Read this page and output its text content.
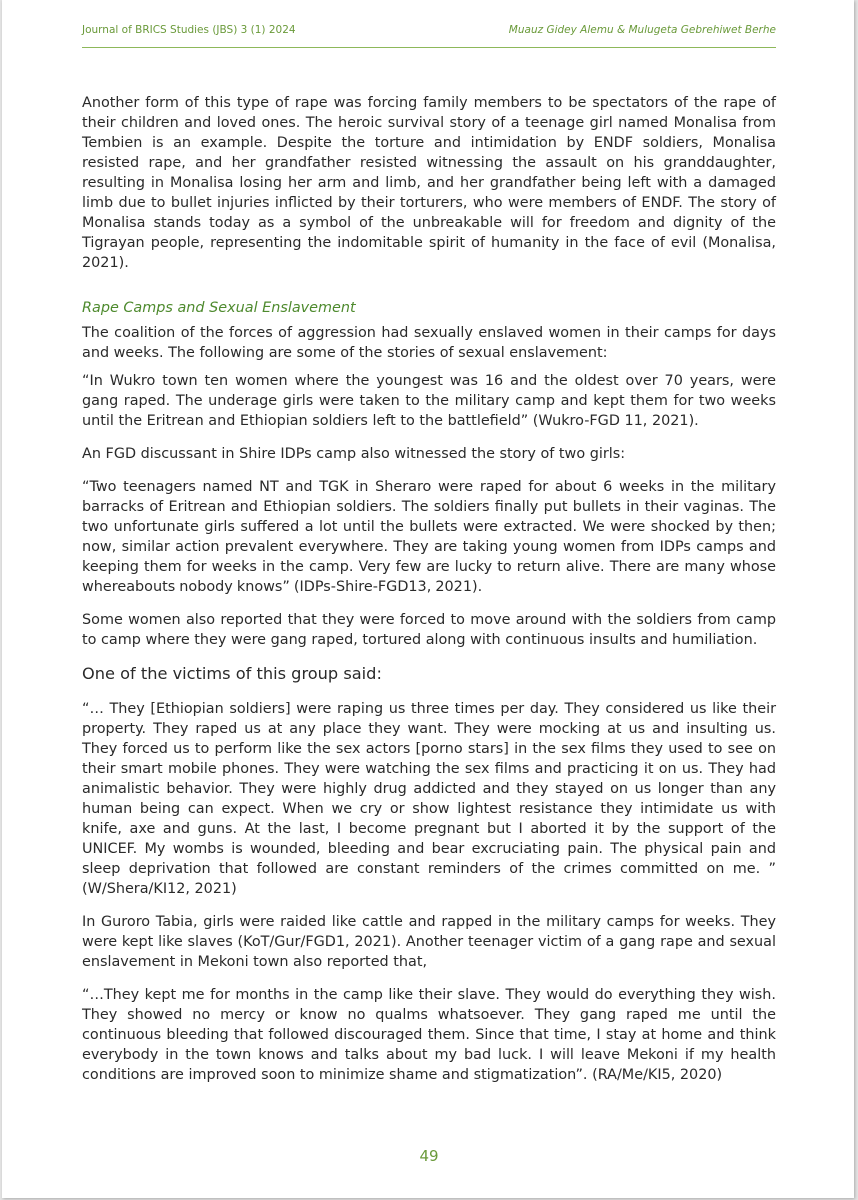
Journal of BRICS Studies (JBS) 3 (1) 2024	Muauz Gidey Alemu & Mulugeta Gebrehiwet Berhe

Another form of this type of rape was forcing family members to be spectators of the rape of their children and loved ones. The heroic survival story of a teenage girl named Monalisa from Tembien is an example. Despite the torture and intimidation by ENDF soldiers, Monalisa resisted rape, and her grandfather resisted witnessing the assault on his granddaughter, resulting in Monalisa losing her arm and limb, and her grandfather being left with a damaged limb due to bullet injuries inflicted by their torturers, who were members of ENDF. The story of Monalisa stands today as a symbol of the unbreakable will for freedom and dignity of the Tigrayan people, representing the indomitable spirit of humanity in the face of evil (Monalisa, 2021).

Rape Camps and Sexual Enslavement

The coalition of the forces of aggression had sexually enslaved women in their camps for days and weeks. The following are some of the stories of sexual enslavement:

“In Wukro town ten women where the youngest was 16 and the oldest over 70 years, were gang raped. The underage girls were taken to the military camp and kept them for two weeks until the Eritrean and Ethiopian soldiers left to the battlefield” (Wukro-FGD 11, 2021).

An FGD discussant in Shire IDPs camp also witnessed the story of two girls:

“Two teenagers named NT and TGK in Sheraro were raped for about 6 weeks in the military barracks of Eritrean and Ethiopian soldiers. The soldiers finally put bullets in their vaginas. The two unfortunate girls suffered a lot until the bullets were extracted. We were shocked by then; now, similar action prevalent everywhere. They are taking young women from IDPs camps and keeping them for weeks in the camp. Very few are lucky to return alive. There are many whose whereabouts nobody knows” (IDPs-Shire-FGD13, 2021).

Some women also reported that they were forced to move around with the soldiers from camp to camp where they were gang raped, tortured along with continuous insults and humiliation.

One of the victims of this group said:

“… They [Ethiopian soldiers] were raping us three times per day. They considered us like their property. They raped us at any place they want. They were mocking at us and insulting us. They forced us to perform like the sex actors [porno stars] in the sex films they used to see on their smart mobile phones. They were watching the sex films and practicing it on us. They had animalistic behavior. They were highly drug addicted and they stayed on us longer than any human being can expect. When we cry or show lightest resistance they intimidate us with knife, axe and guns. At the last, I become pregnant but I aborted it by the support of the UNICEF. My wombs is wounded, bleeding and bear excruciating pain. The physical pain and sleep deprivation that followed are constant reminders of the crimes committed on me. ” (W/Shera/KI12, 2021)

In Guroro Tabia, girls were raided like cattle and rapped in the military camps for weeks. They were kept like slaves (KoT/Gur/FGD1, 2021). Another teenager victim of a gang rape and sexual enslavement in Mekoni town also reported that,

“…They kept me for months in the camp like their slave. They would do everything they wish. They showed no mercy or know no qualms whatsoever. They gang raped me until the continuous bleeding that followed discouraged them. Since that time, I stay at home and think everybody in the town knows and talks about my bad luck. I will leave Mekoni if my health conditions are improved soon to minimize shame and stigmatization”. (RA/Me/KI5, 2020)

49
